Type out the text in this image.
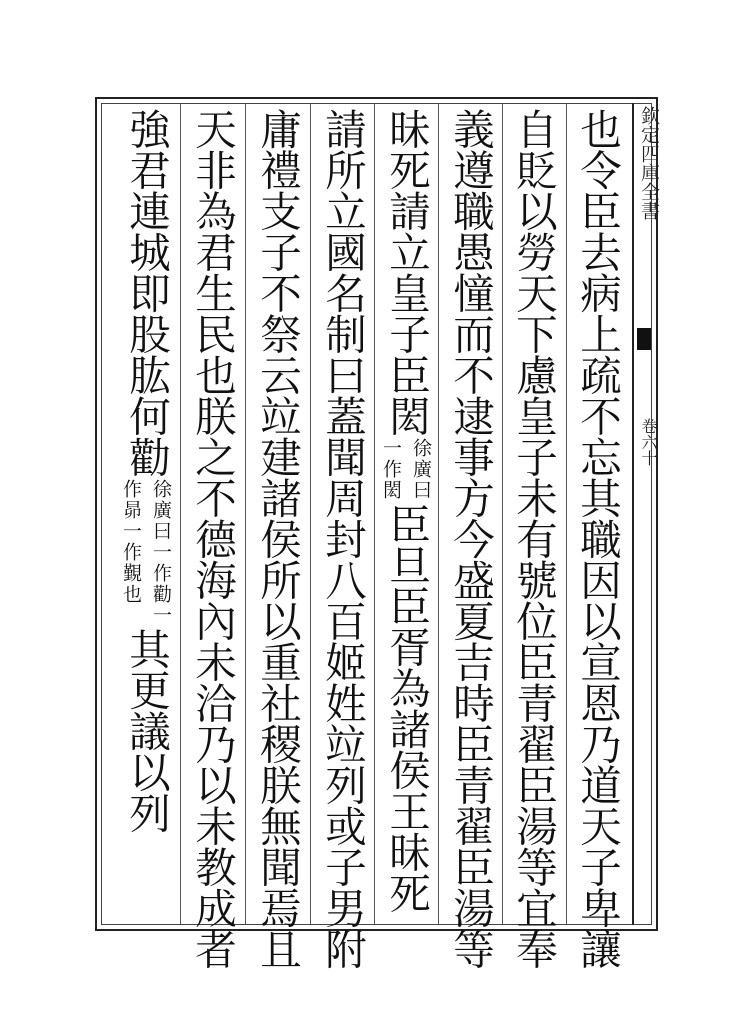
欽定四庫全書
卷六十
也令臣去病上疏不忘其職因以宣恩乃道天子卑讓
自貶以勞天下慮皇子未有號位臣青翟臣湯等宜奉
義遵職愚憧而不逮事方今盛夏吉時臣青翟臣湯等
昧死請立皇子臣閎
徐廣曰
一作閎
臣旦臣胥為諸侯王昧死
請所立國名制曰蓋聞周封八百姬姓竝列或子男附
庸禮支子不祭云竝建諸侯所以重社稷朕無聞焉且
天非為君生民也朕之不德海內未洽乃以未教成者
強君連城即股肱何勸
徐廣曰一作勸一
作昴一作覲也
其更議以列
